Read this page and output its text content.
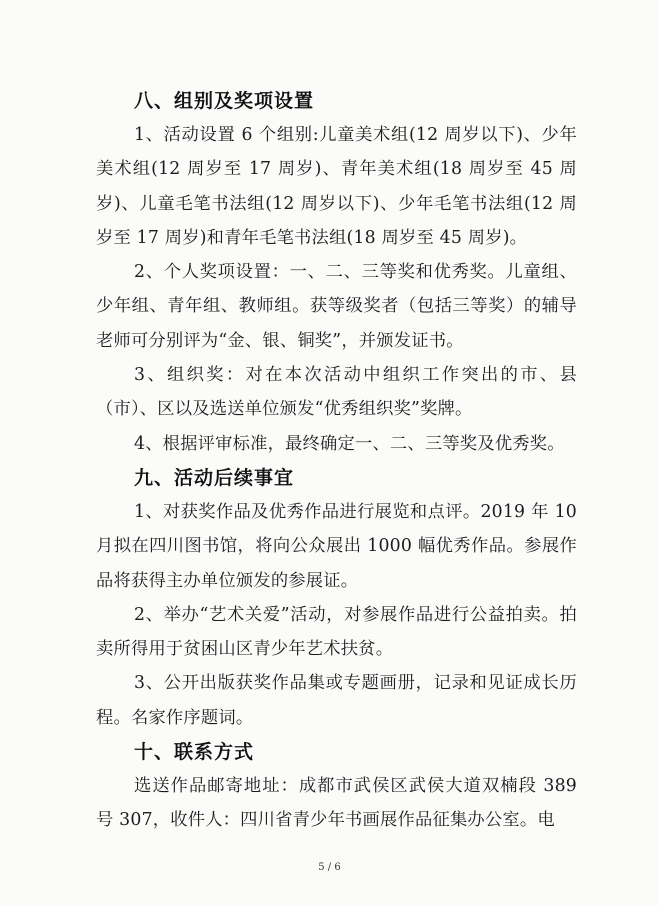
八、组别及奖项设置

1、活动设置 6 个组别:儿童美术组(12 周岁以下)、少年美术组(12 周岁至 17 周岁)、青年美术组(18 周岁至 45 周岁)、儿童毛笔书法组(12 周岁以下)、少年毛笔书法组(12 周岁至 17 周岁)和青年毛笔书法组(18 周岁至 45 周岁)。

2、个人奖项设置：一、二、三等奖和优秀奖。儿童组、少年组、青年组、教师组。获等级奖者（包括三等奖）的辅导老师可分别评为“金、银、铜奖”，并颁发证书。

3、组织奖：对在本次活动中组织工作突出的市、县（市）、区以及选送单位颁发“优秀组织奖”奖牌。

4、根据评审标准，最终确定一、二、三等奖及优秀奖。

九、活动后续事宜

1、对获奖作品及优秀作品进行展览和点评。2019 年 10 月拟在四川图书馆，将向公众展出 1000 幅优秀作品。参展作品将获得主办单位颁发的参展证。

2、举办“艺术关爱”活动，对参展作品进行公益拍卖。拍卖所得用于贫困山区青少年艺术扶贫。

3、公开出版获奖作品集或专题画册，记录和见证成长历程。名家作序题词。

十、联系方式

选送作品邮寄地址：成都市武侯区武侯大道双楠段 389 号 307，收件人：四川省青少年书画展作品征集办公室。电

5 / 6
